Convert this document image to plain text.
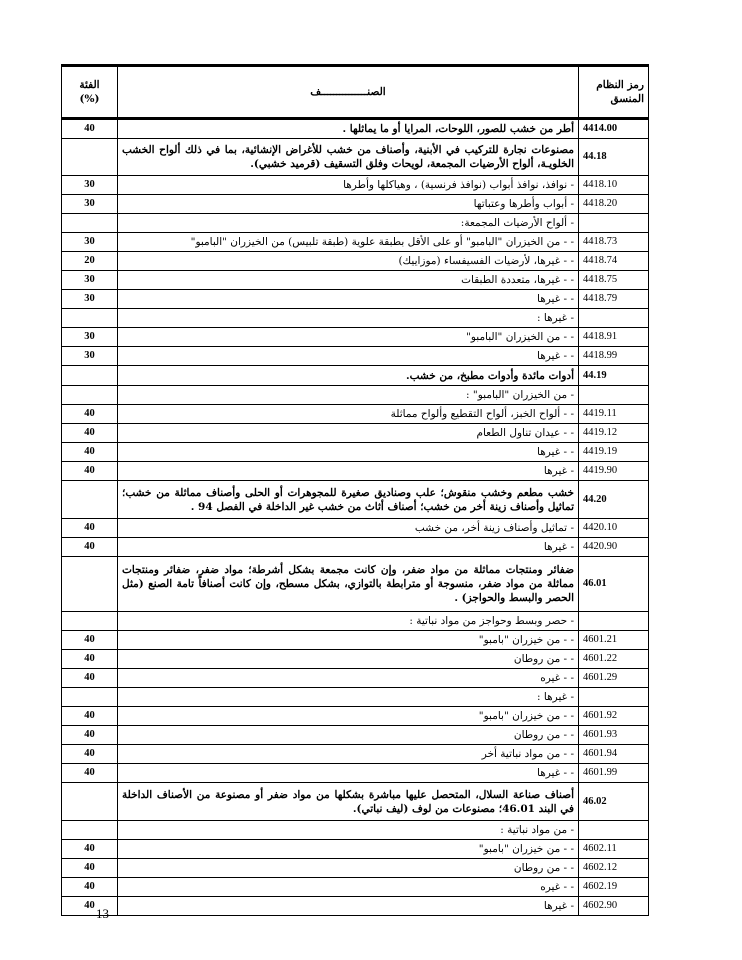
رمز النظام المنسق	الصنـــــــــــــــف	الفئة
(%)

4414.00	أطر من خشب للصور، اللوحات، المرايا أو ما يماثلها .	40
44.18	مصنوعات نجارة للتركيب في الأبنية، وأصناف من خشب للأغراض الإنشائية، بما في ذلك ألواح الخشب الخلويـة، ألواح الأرضيات المجمعة، لويحات وفلق التسقيف (قرميد خشبي).	
4418.10	- نوافذ، نوافذ أبواب (نوافذ فرنسية) ، وهياكلها وأطرها	30
4418.20	- أبواب وأطرها وعتباتها	30
	- ألواح الأرضيات المجمعة:	
4418.73	- - من الخيزران "البامبو" أو على الأقل بطبقة علوية (طبقة تلبيس) من الخيزران "البامبو"	30
4418.74	- - غيرها، لأرضيات الفسيفساء (موزاييك)	20
4418.75	- - غيرها، متعددة الطبقات	30
4418.79	- - غيرها	30
	- غيرها :	
4418.91	- - من الخيزران "البامبو"	30
4418.99	- - غيرها	30
44.19	أدوات مائدة وأدوات مطبخ، من خشب.	
	- من الخيزران "البامبو" :	
4419.11	- - ألواح الخبز، ألواح التقطيع وألواح مماثلة	40
4419.12	- - عيدان تناول الطعام	40
4419.19	- - غيرها	40
4419.90	- غيرها	40
44.20	خشب مطعم وخشب منقوش؛ علب وصناديق صغيرة للمجوهرات أو الحلى وأصناف مماثلة من خشب؛ تماثيل وأصناف زينة أخر من خشب؛ أصناف أثاث من خشب غير الداخلة في الفصل 94 .	
4420.10	- تماثيل وأصناف زينة أخر، من خشب	40
4420.90	- غيرها	40
46.01	ضفائر ومنتجات مماثلة من مواد ضفر، وإن كانت مجمعة بشكل أشرطة؛ مواد ضفر، ضفائر ومنتجات مماثلة من مواد ضفر، منسوجة أو مترابطة بالتوازي، بشكل مسطح، وإن كانت أصنافاً تامة الصنع (مثل الحصر والبسط والحواجز) .	
	- حصر وبسط وحواجز من مواد نباتية :	
4601.21	- - من خيزران "بامبو"	40
4601.22	- - من روطان	40
4601.29	- - غيره	40
	- غيرها :	
4601.92	- - من خيزران "بامبو"	40
4601.93	- - من روطان	40
4601.94	- - من مواد نباتية أخر	40
4601.99	- - غيرها	40
46.02	أصناف صناعة السلال، المتحصل عليها مباشرة بشكلها من مواد ضفر أو مصنوعة من الأصناف الداخلة في البند 46.01؛ مصنوعات من لوف (ليف نباتي).	
	- من مواد نباتية :	
4602.11	- - من خيزران "بامبو"	40
4602.12	- - من روطان	40
4602.19	- - غيره	40
4602.90	- غيرها	40
13
